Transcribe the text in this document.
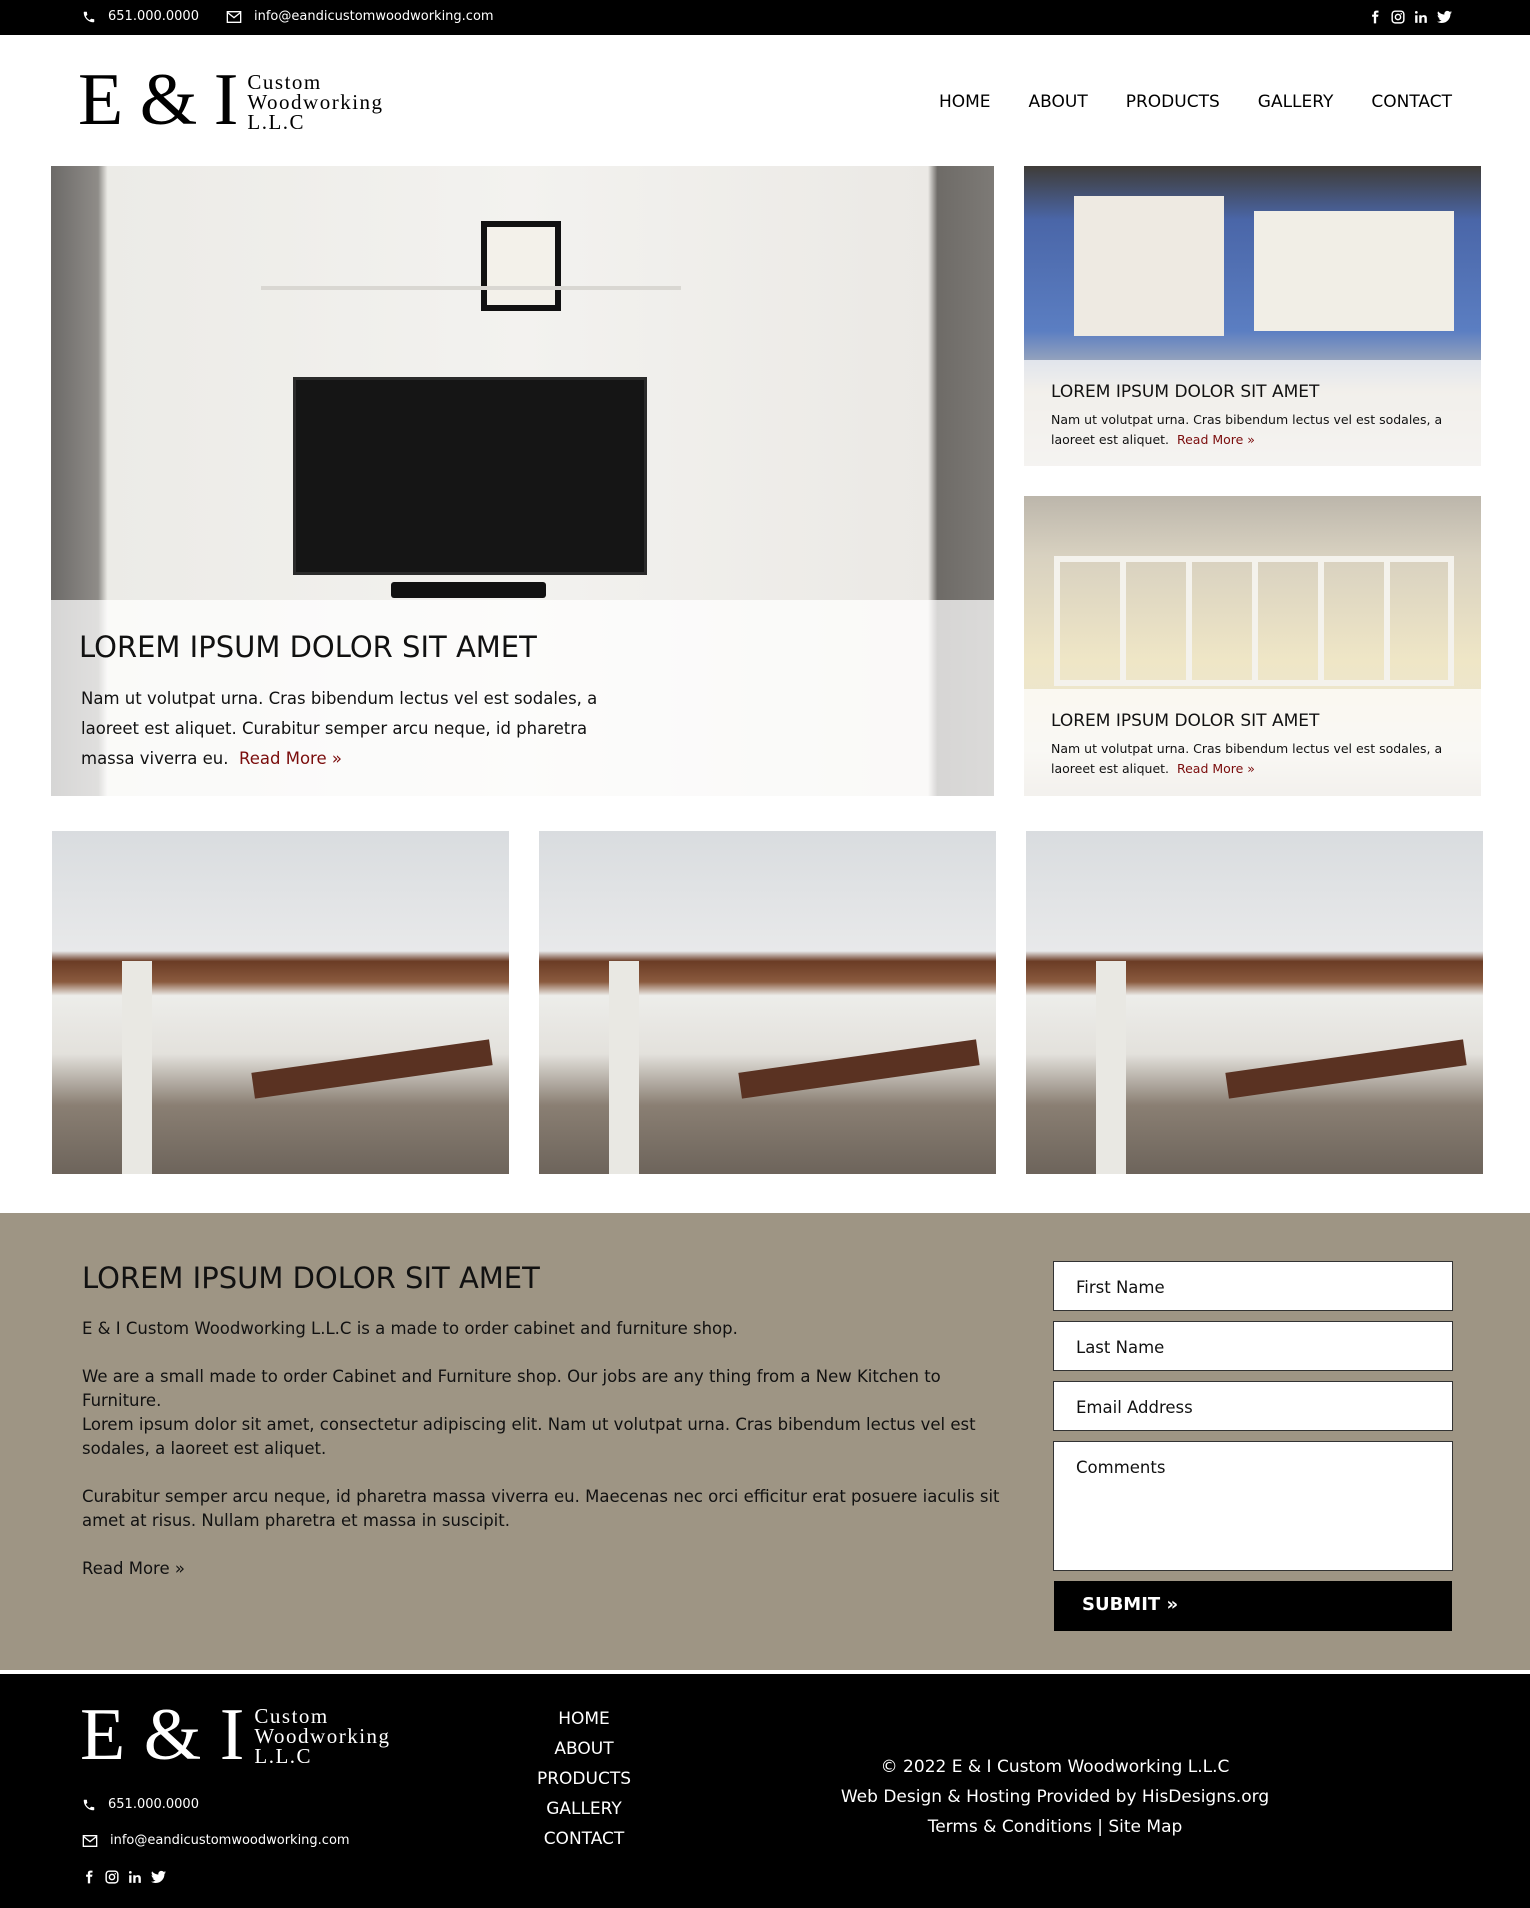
651.000.0000	info@eandicustomwoodworking.com
E & I Custom
Woodworking
L.L.C
HOME ABOUT PRODUCTS GALLERY CONTACT
LOREM IPSUM DOLOR SIT AMET

Nam ut volutpat urna. Cras bibendum lectus vel est sodales, a laoreet est aliquet. Curabitur semper arcu neque, id pharetra massa viverra eu. Read More »

LOREM IPSUM DOLOR SIT AMET

Nam ut volutpat urna. Cras bibendum lectus vel est sodales, a laoreet est aliquet. Read More »

LOREM IPSUM DOLOR SIT AMET

Nam ut volutpat urna. Cras bibendum lectus vel est sodales, a laoreet est aliquet. Read More »

LOREM IPSUM DOLOR SIT AMET

E & I Custom Woodworking L.L.C is a made to order cabinet and furniture shop.

We are a small made to order Cabinet and Furniture shop. Our jobs are any thing from a New Kitchen to Furniture.

Lorem ipsum dolor sit amet, consectetur adipiscing elit. Nam ut volutpat urna. Cras bibendum lectus vel est sodales, a laoreet est aliquet.

Curabitur semper arcu neque, id pharetra massa viverra eu. Maecenas nec orci efficitur erat posuere iaculis sit amet at risus. Nullam pharetra et massa in suscipit.

Read More »
First Name
Last Name
Email Address
Comments
SUBMIT »
E & I Custom
Woodworking
L.L.C
651.000.0000
info@eandicustomwoodworking.com
HOME
ABOUT
PRODUCTS
GALLERY
CONTACT
© 2022 E & I Custom Woodworking L.L.C
Web Design & Hosting Provided by HisDesigns.org
Terms & Conditions | Site Map
